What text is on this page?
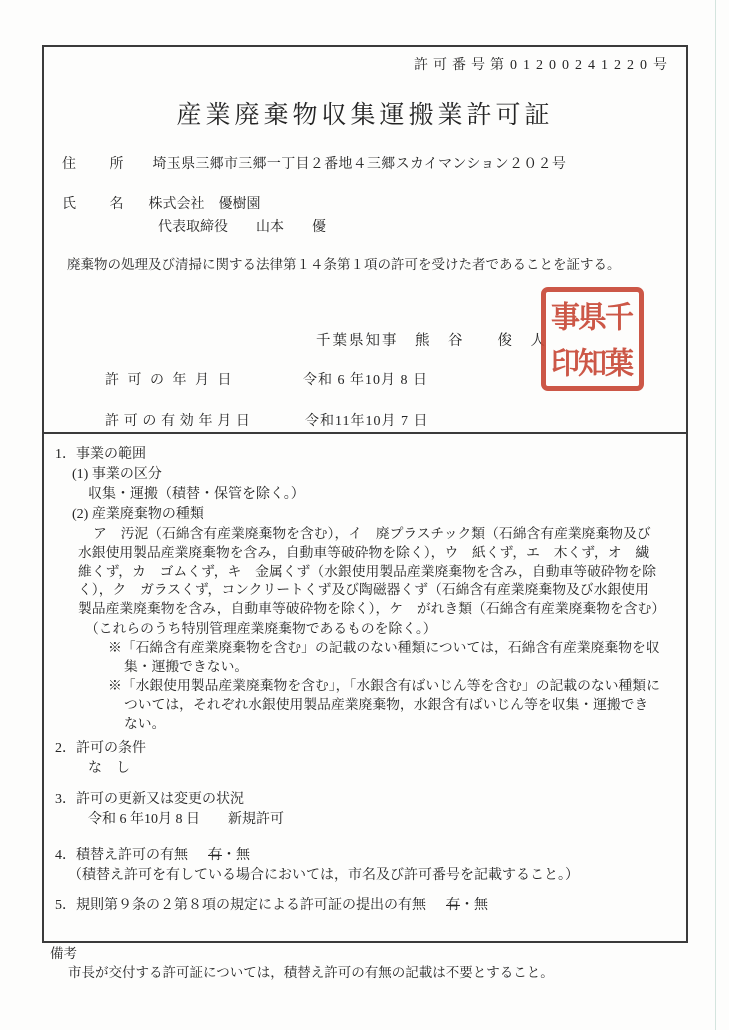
許可番号第01200241220号
産業廃棄物収集運搬業許可証
住 所 埼玉県三郷市三郷一丁目２番地４三郷スカイマンション２０２号
氏 名 株式会社　優樹園
代表取締役　　山本　　優
廃棄物の処理及び清掃に関する法律第１４条第１項の許可を受けた者であることを証する。
千葉県知事　熊　谷　　俊　人
千葉
県知
事印
許 可 の 年 月 日	令和 6 年10月 8 日
許可の有効年月日	令和11年10月 7 日
1．事業の範囲
(1) 事業の区分
収集・運搬（積替・保管を除く。）
(2) 産業廃棄物の種類
ア　汚泥（石綿含有産業廃棄物を含む），イ　廃プラスチック類（石綿含有産業廃棄物及び水銀使用製品産業廃棄物を含み，自動車等破砕物を除く），ウ　紙くず，エ　木くず，オ　繊維くず，カ　ゴムくず，キ　金属くず（水銀使用製品産業廃棄物を含み，自動車等破砕物を除く），ク　ガラスくず，コンクリートくず及び陶磁器くず（石綿含有産業廃棄物及び水銀使用製品産業廃棄物を含み，自動車等破砕物を除く），ケ　がれき類（石綿含有産業廃棄物を含む）
（これらのうち特別管理産業廃棄物であるものを除く。）
※「石綿含有産業廃棄物を含む」の記載のない種類については，石綿含有産業廃棄物を収集・運搬できない。
※「水銀使用製品産業廃棄物を含む」，「水銀含有ばいじん等を含む」の記載のない種類については，それぞれ水銀使用製品産業廃棄物，水銀含有ばいじん等を収集・運搬できない。
2．許可の条件
な　し
3．許可の更新又は変更の状況
令和 6 年10月 8 日 新規許可
4．積替え許可の有無 有・無
（積替え許可を有している場合においては，市名及び許可番号を記載すること。）
5．規則第９条の２第８項の規定による許可証の提出の有無 有・無
備考
市長が交付する許可証については，積替え許可の有無の記載は不要とすること。
